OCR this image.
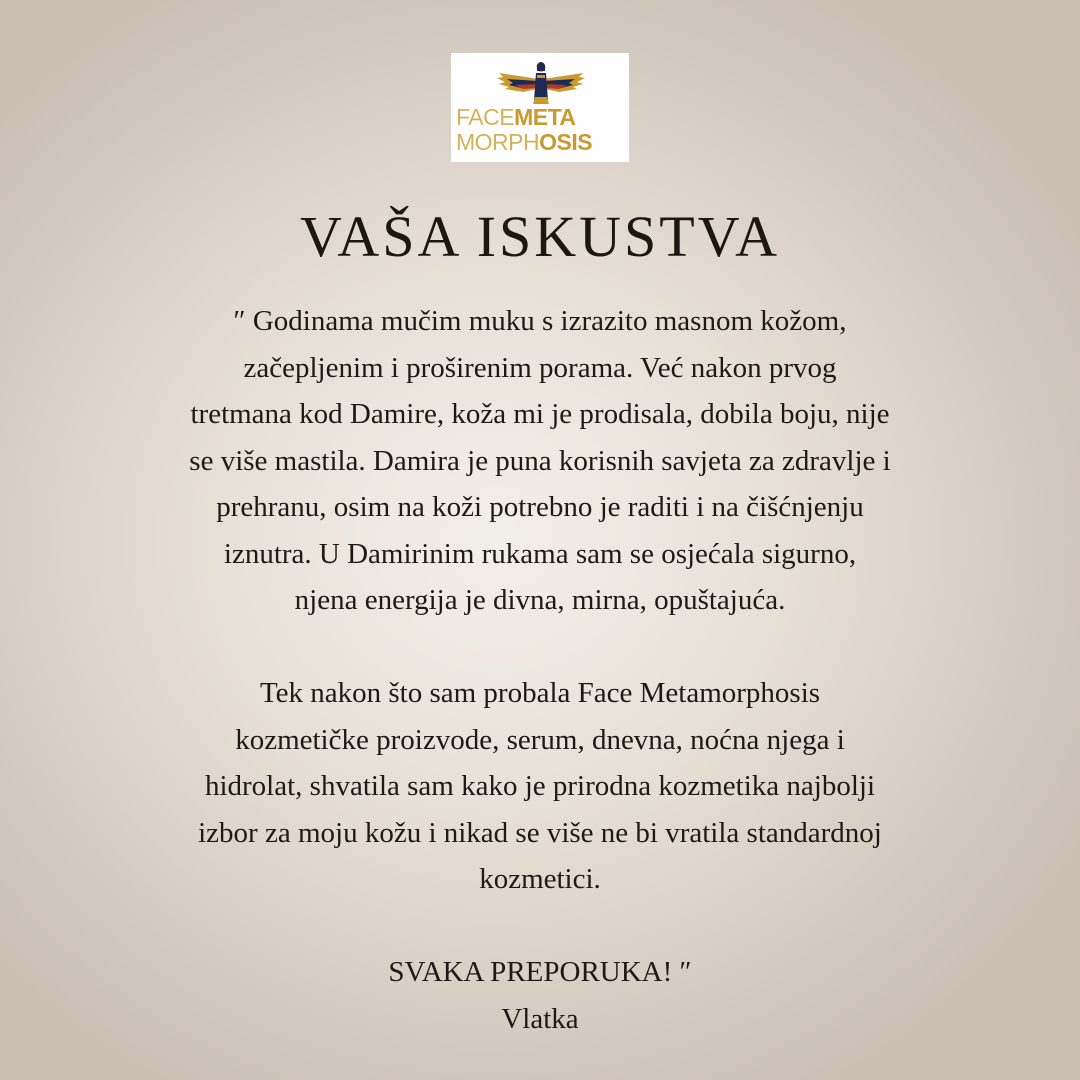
FACEMETA
MORPHOSIS
VAŠA ISKUSTVA
″ Godinama mučim muku s izrazito masnom kožom,
začepljenim i proširenim porama. Već nakon prvog
tretmana kod Damire, koža mi je prodisala, dobila boju, nije
se više mastila. Damira je puna korisnih savjeta za zdravlje i
prehranu, osim na koži potrebno je raditi i na čišćnjenju
iznutra. U Damirinim rukama sam se osjećala sigurno,
njena energija je divna, mirna, opuštajuća.
Tek nakon što sam probala Face Metamorphosis
kozmetičke proizvode, serum, dnevna, noćna njega i
hidrolat, shvatila sam kako je prirodna kozmetika najbolji
izbor za moju kožu i nikad se više ne bi vratila standardnoj
kozmetici.
SVAKA PREPORUKA! ″
Vlatka
